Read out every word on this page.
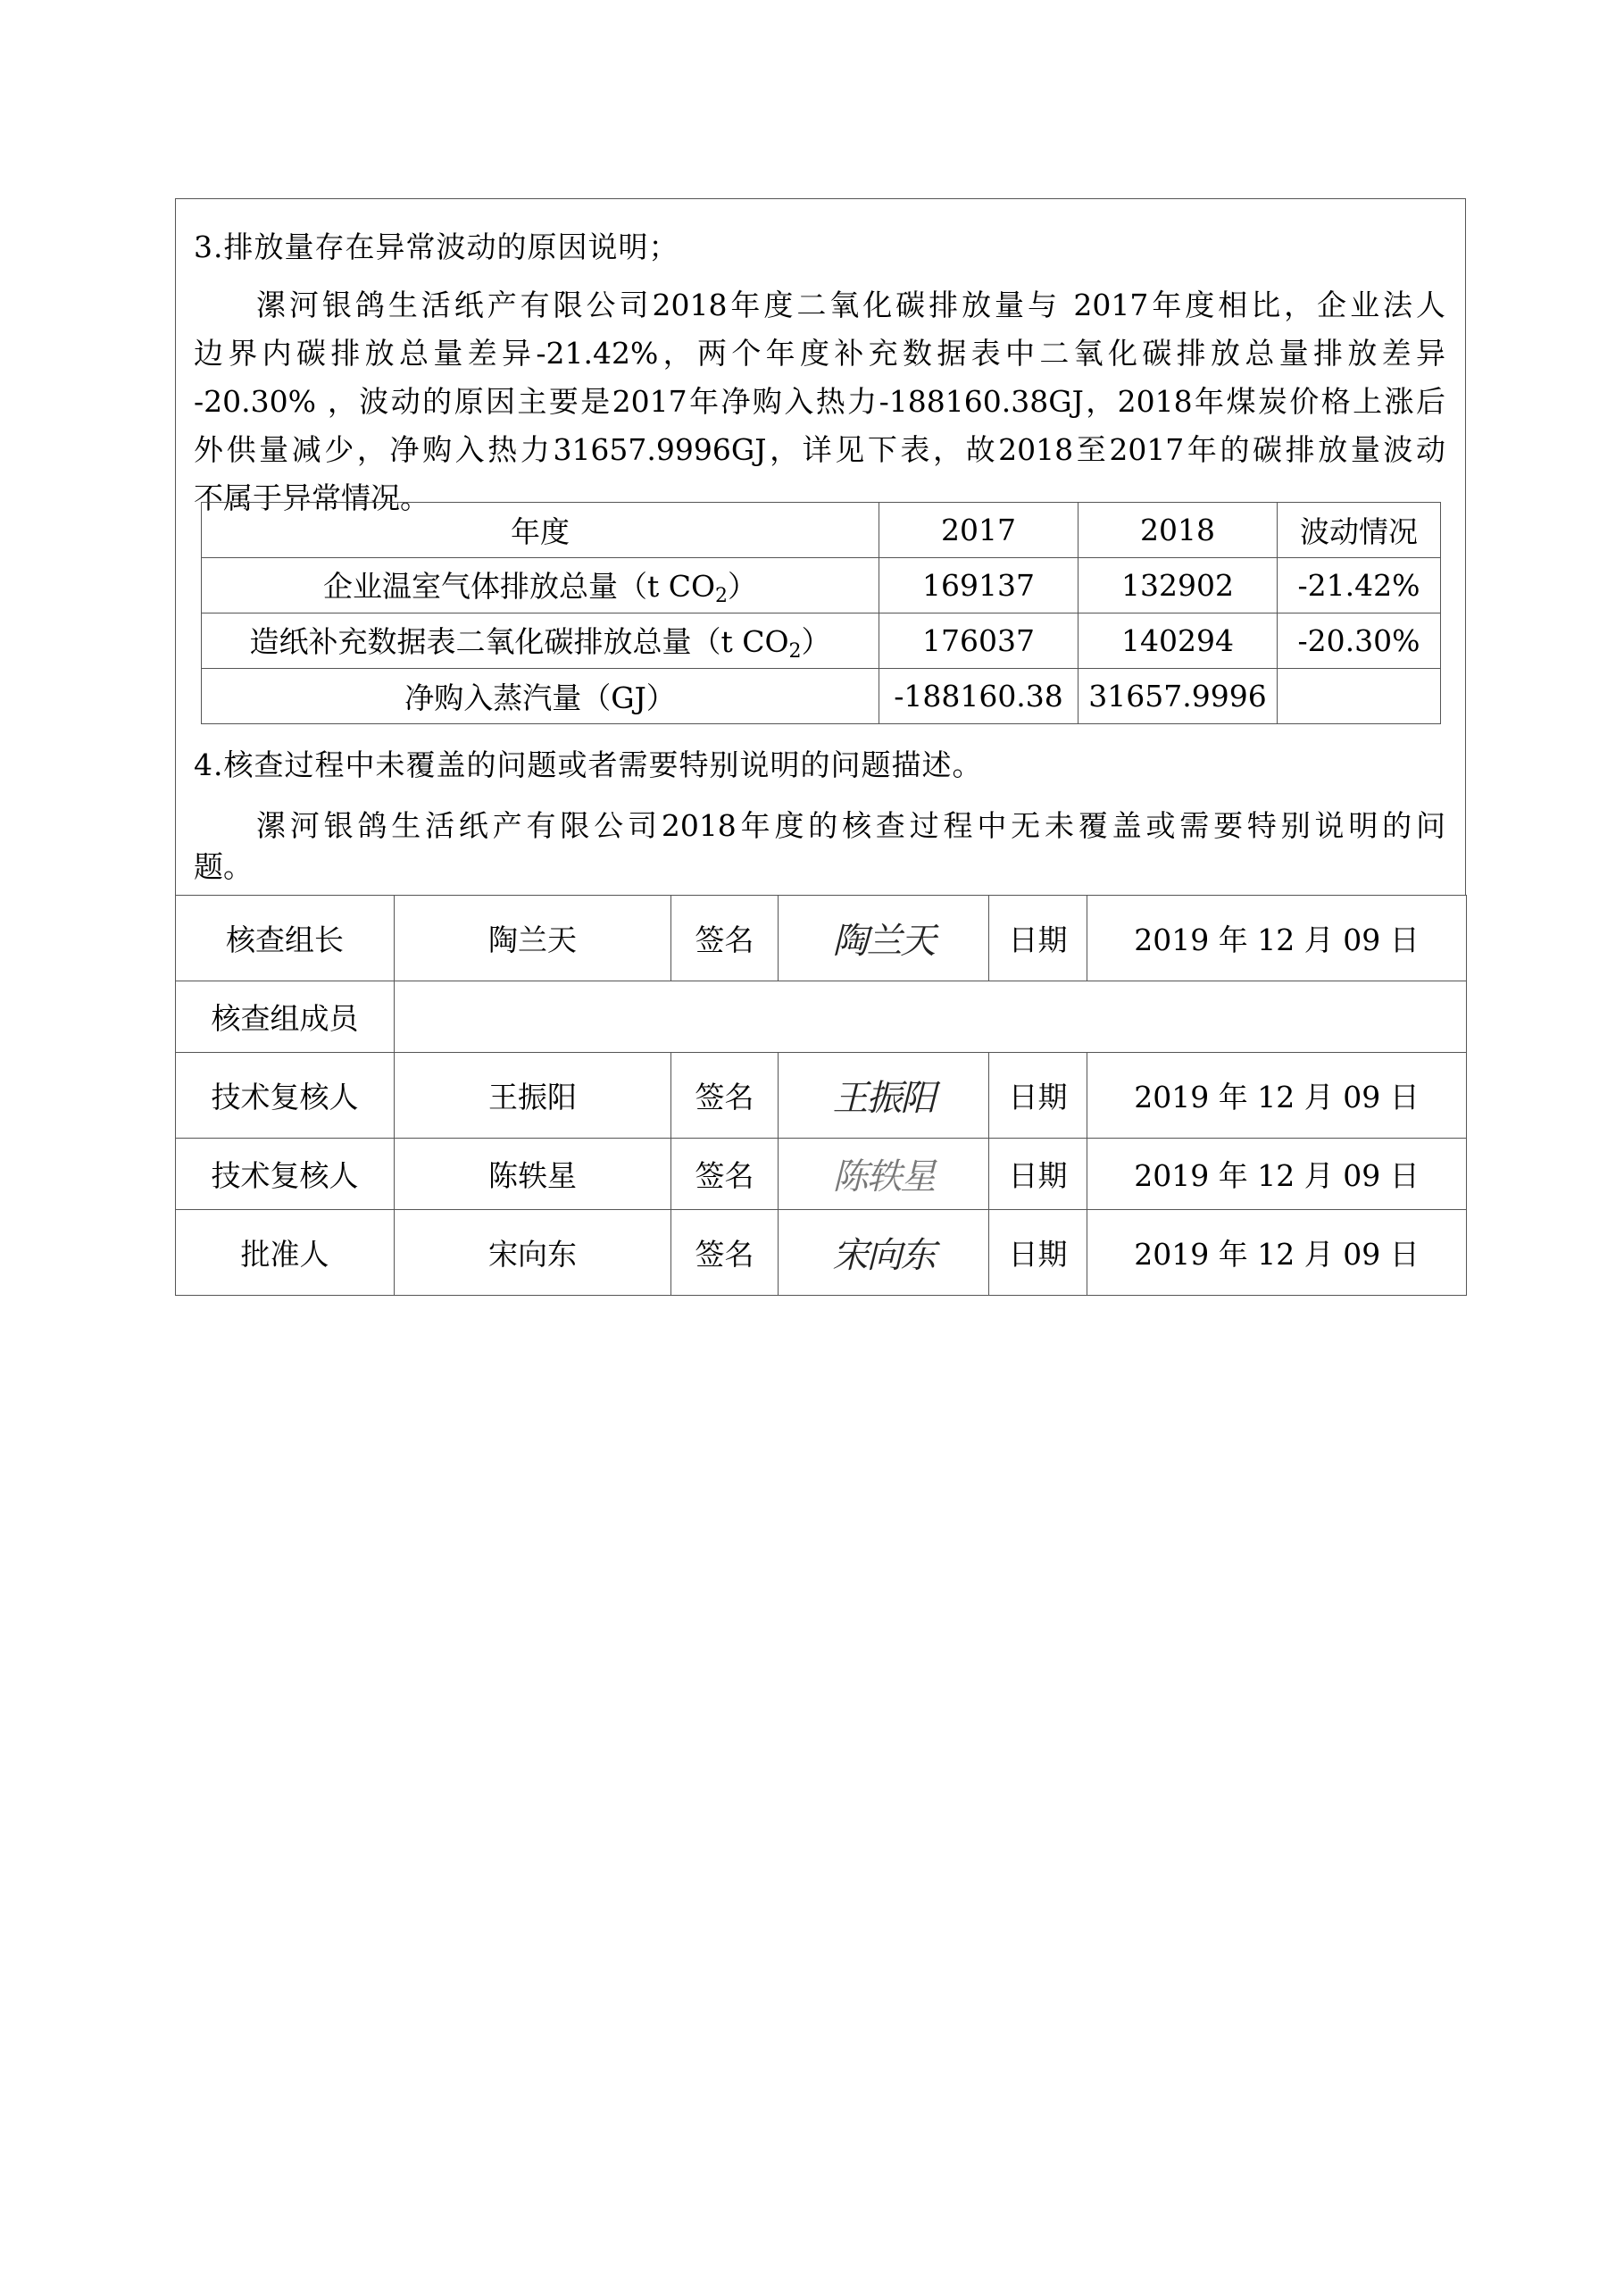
3.排放量存在异常波动的原因说明；
漯河银鸽生活纸产有限公司2018年度二氧化碳排放量与 2017年度相比，企业法人
边界内碳排放总量差异-21.42%，两个年度补充数据表中二氧化碳排放总量排放差异
-20.30% ，波动的原因主要是2017年净购入热力-188160.38GJ，2018年煤炭价格上涨后
外供量减少，净购入热力31657.9996GJ，详见下表，故2018至2017年的碳排放量波动
不属于异常情况。
年度	2017	2018	波动情况
企业温室气体排放总量（t $CO_2$）	169137	132902	-21.42%
造纸补充数据表二氧化碳排放总量（t $CO_2$）	176037	140294	-20.30%
净购入蒸汽量（GJ）	-188160.38	31657.9996	
4.核查过程中未覆盖的问题或者需要特别说明的问题描述。
漯河银鸽生活纸产有限公司2018年度的核查过程中无未覆盖或需要特别说明的问
题。
核查组长	陶兰天	签名	陶兰天	日期	2019 年 12 月 09 日
核查组成员					
技术复核人	王振阳	签名	王振阳	日期	2019 年 12 月 09 日
技术复核人	陈轶星	签名	陈轶星	日期	2019 年 12 月 09 日
批准人	宋向东	签名	宋向东	日期	2019 年 12 月 09 日
